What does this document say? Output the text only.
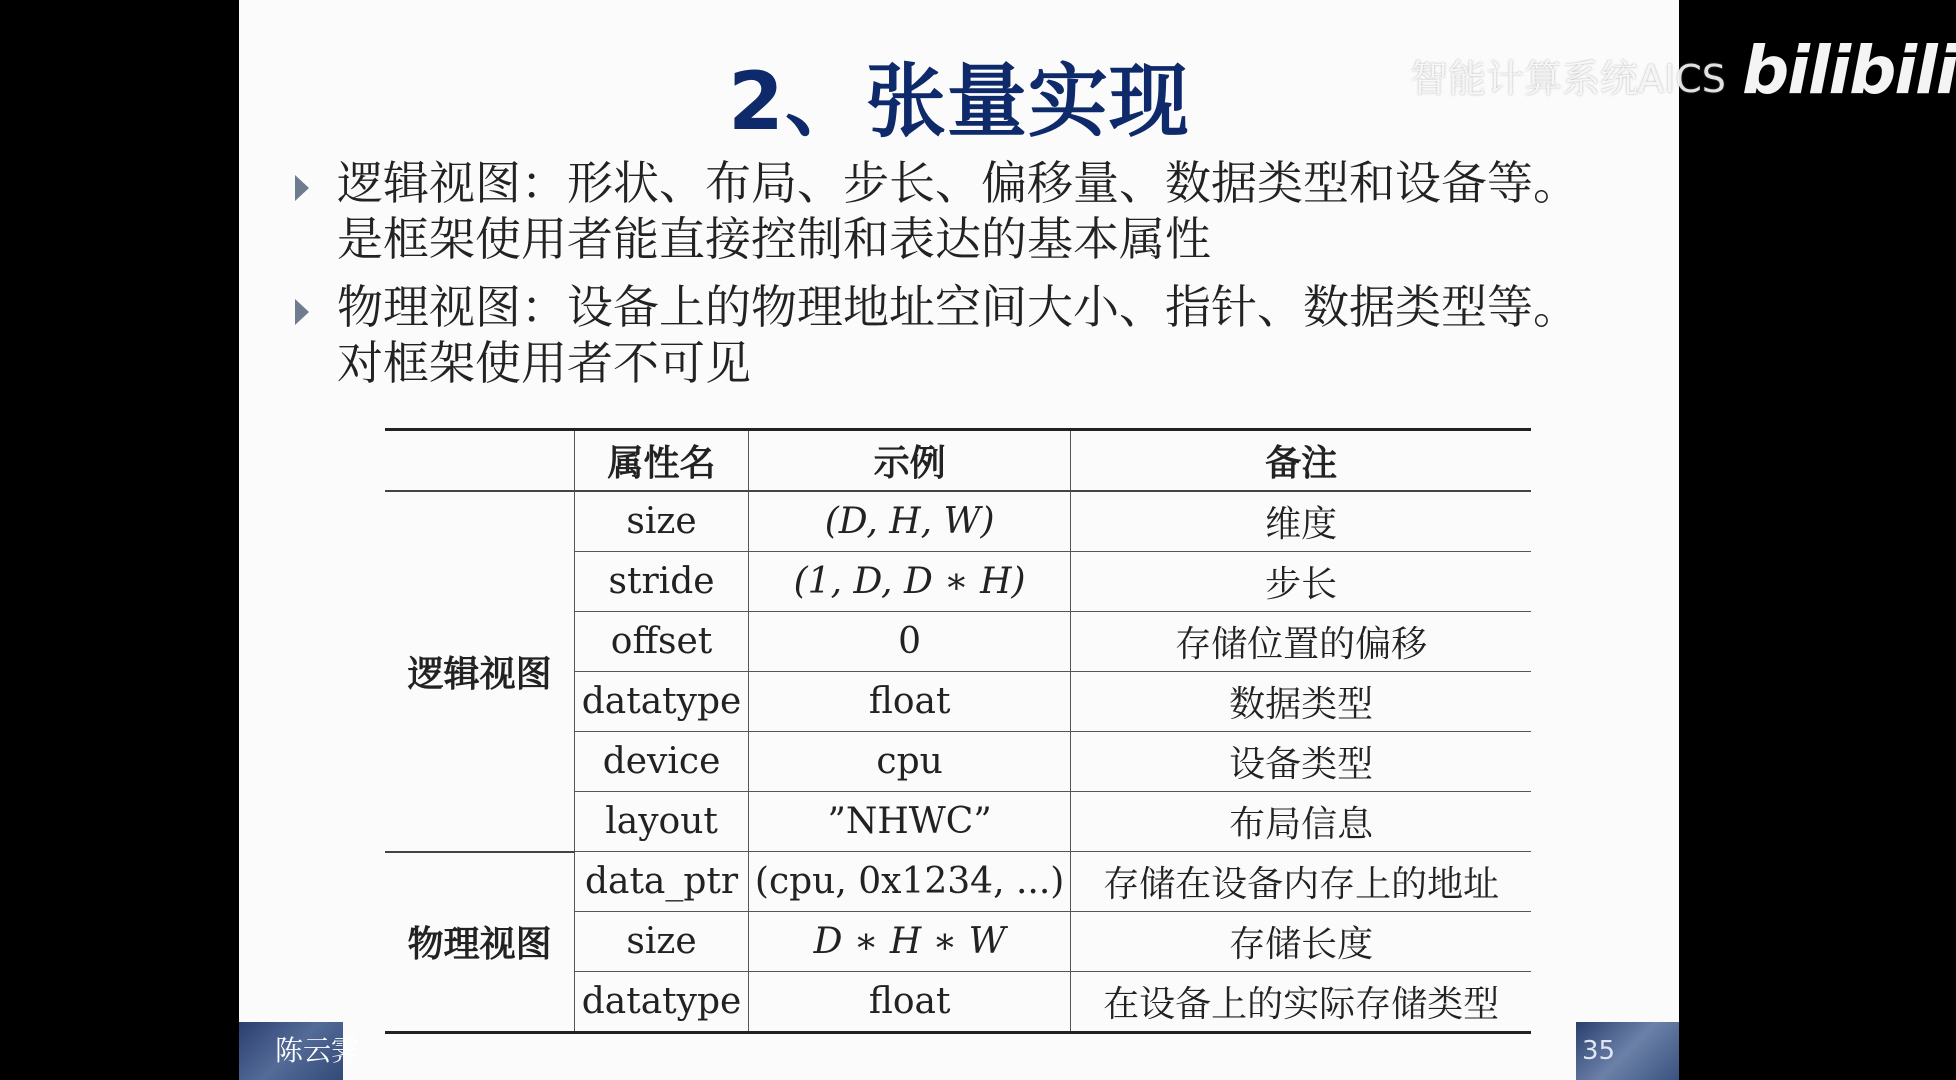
2、张量实现
逻辑视图：形状、布局、步长、偏移量、数据类型和设备等。
是框架使用者能直接控制和表达的基本属性
物理视图：设备上的物理地址空间大小、指针、数据类型等。
对框架使用者不可见
	属性名	示例	备注
逻辑视图	size	(D, H, W)	维度
	stride	(1, D, D ∗ H)	步长
	offset	0	存储位置的偏移
	datatype	float	数据类型
	device	cpu	设备类型
	layout	”NHWC”	布局信息
物理视图	data_ptr	(cpu, 0x1234, ...)	存储在设备内存上的地址
	size	D ∗ H ∗ W	存储长度
	datatype	float	在设备上的实际存储类型
陈云霁	35
智能计算系统AICS bilibili
